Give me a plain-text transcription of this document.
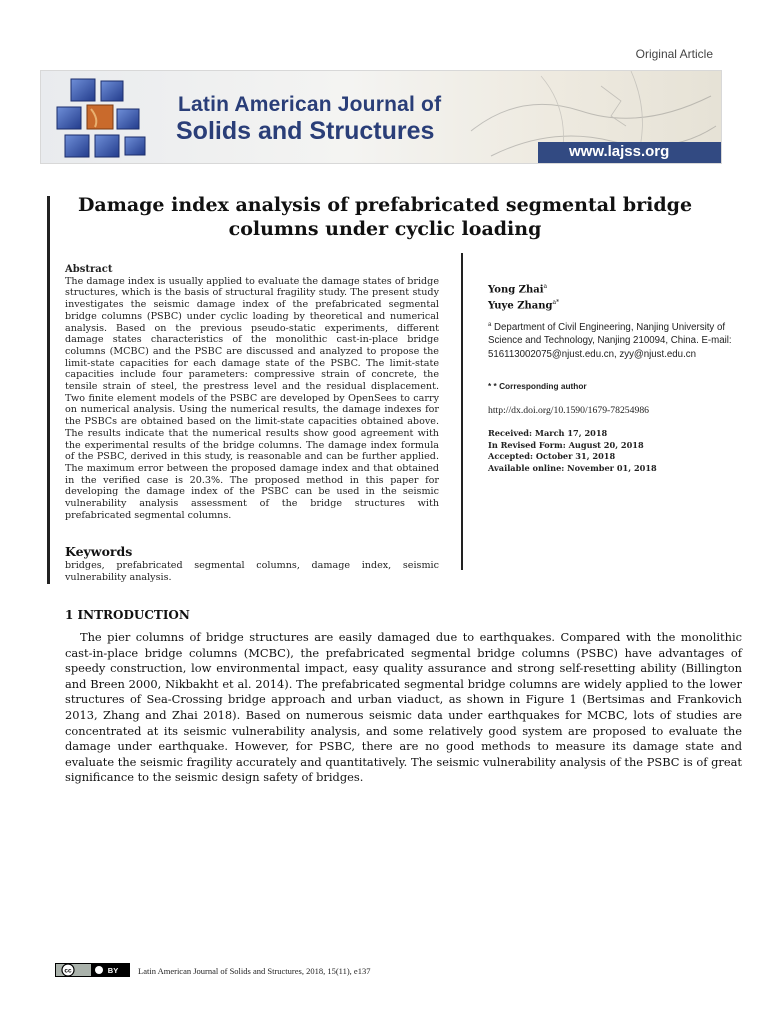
Original Article
Latin American Journal of
Solids and Structures
www.lajss.org
Damage index analysis of prefabricated segmental bridge columns under cyclic loading
Abstract
The damage index is usually applied to evaluate the damage states of bridge structures, which is the basis of structural fragility study. The present study investigates the seismic damage index of the prefabricated segmental bridge columns (PSBC) under cyclic loading by theoretical and numerical analysis. Based on the previous pseudo-static experiments, different damage states characteristics of the monolithic cast-in-place bridge columns (MCBC) and the PSBC are discussed and analyzed to propose the limit-state capacities for each damage state of the PSBC. The limit-state capacities include four parameters: compressive strain of concrete, the tensile strain of steel, the prestress level and the residual displacement. Two finite element models of the PSBC are developed by OpenSees to carry on numerical analysis. Using the numerical results, the damage indexes for the PSBCs are obtained based on the limit-state capacities obtained above. The results indicate that the numerical results show good agreement with the experimental results of the bridge columns. The damage index formula of the PSBC, derived in this study, is reasonable and can be further applied. The maximum error between the proposed damage index and that obtained in the verified case is 20.3%. The proposed method in this paper for developing the damage index of the PSBC can be used in the seismic vulnerability analysis assessment of the bridge structures with prefabricated segmental columns.
Keywords
bridges, prefabricated segmental columns, damage index, seismic vulnerability analysis.
Yong Zhai$^a$
Yuye Zhang$^{a*}$
$^a$ Department of Civil Engineering, Nanjing University of Science and Technology, Nanjing 210094, China. E-mail: 516113002075@njust.edu.cn, zyy@njust.edu.cn
* * Corresponding author
http://dx.doi.org/10.1590/1679-78254986
Received: March 17, 2018
In Revised Form: August 20, 2018
Accepted: October 31, 2018
Available online: November 01, 2018
1 INTRODUCTION
The pier columns of bridge structures are easily damaged due to earthquakes. Compared with the monolithic cast-in-place bridge columns (MCBC), the prefabricated segmental bridge columns (PSBC) have advantages of speedy construction, low environmental impact, easy quality assurance and strong self-resetting ability (Billington and Breen 2000, Nikbakht et al. 2014). The prefabricated segmental bridge columns are widely applied to the lower structures of Sea-Crossing bridge approach and urban viaduct, as shown in Figure 1 (Bertsimas and Frankovich 2013, Zhang and Zhai 2018). Based on numerous seismic data under earthquakes for MCBC, lots of studies are concentrated at its seismic vulnerability analysis, and some relatively good system are proposed to evaluate the damage under earthquake. However, for PSBC, there are no good methods to measure its damage state and evaluate the seismic fragility accurately and quantitatively. The seismic vulnerability analysis of the PSBC is of great significance to the seismic design safety of bridges.
cc	BY Latin American Journal of Solids and Structures, 2018, 15(11), e137
